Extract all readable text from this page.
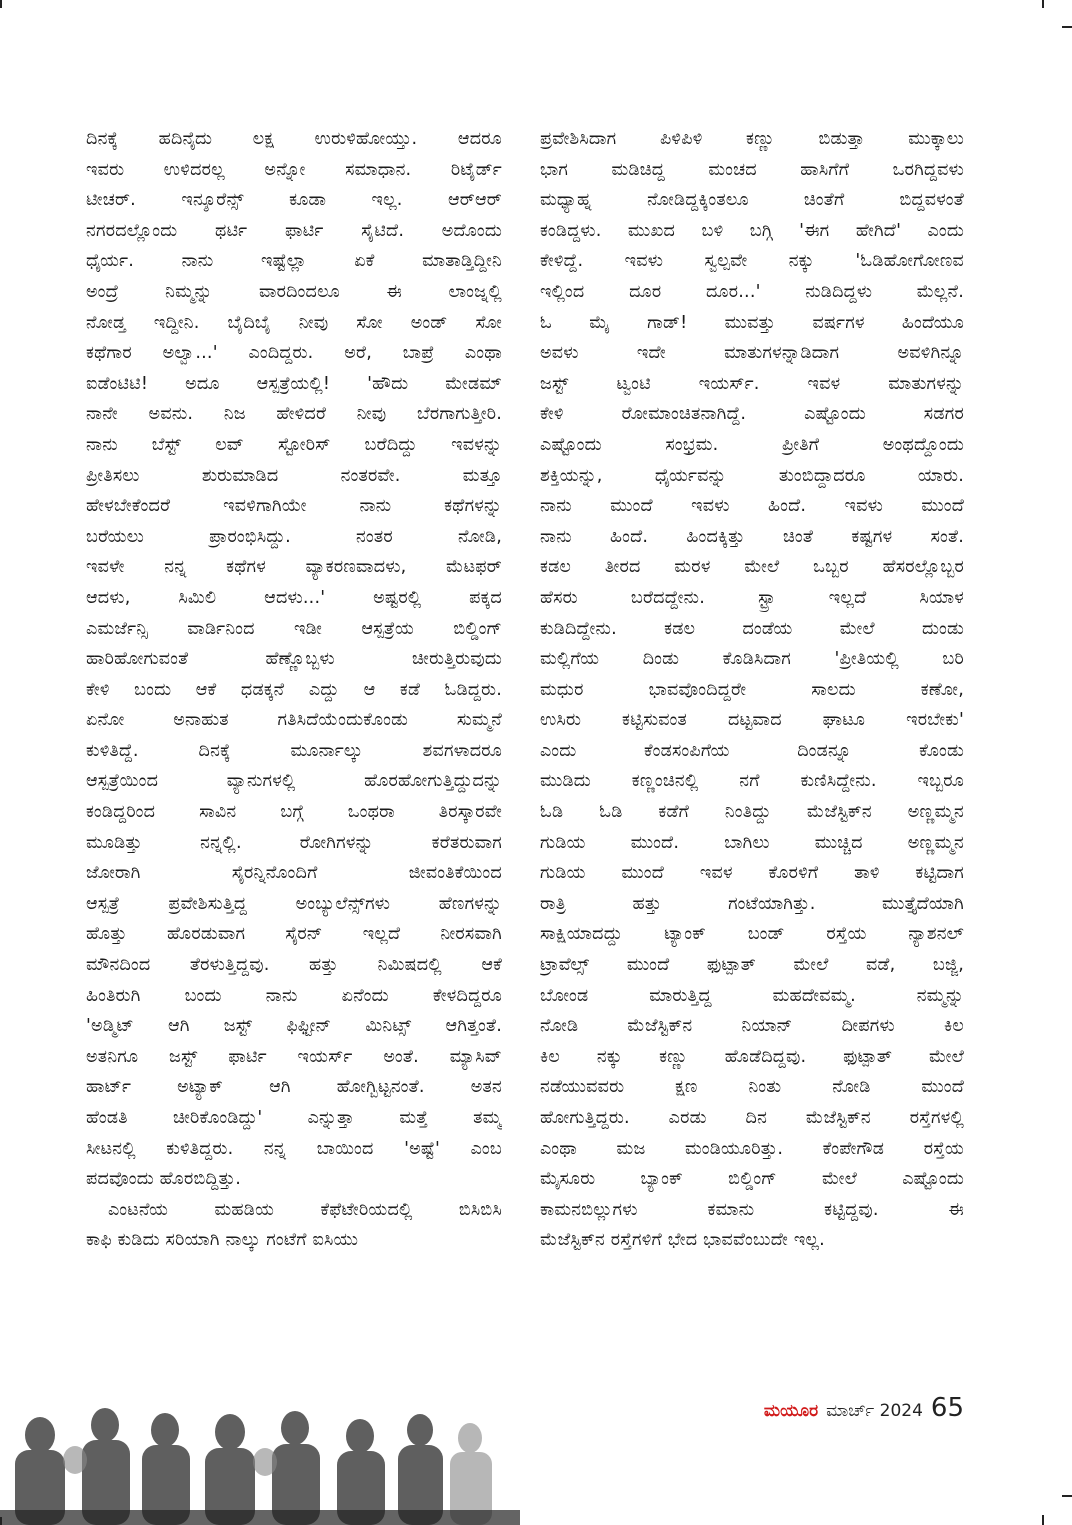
ದಿನಕ್ಕೆ ಹದಿನೈದು ಲಕ್ಷ ಉರುಳಿಹೋಯ್ತು. ಆದರೂ
ಇವರು ಉಳಿದರಲ್ಲ ಅನ್ನೋ ಸಮಾಧಾನ. ರಿಟೈರ್ಡ್
ಟೀಚರ್. ಇನ್ಶೂರೆನ್ಸ್ ಕೂಡಾ ಇಲ್ಲ. ಆರ್‌ಆರ್
ನಗರದಲ್ಲೊಂದು ಥರ್ಟಿ ಫಾರ್ಟಿ ಸೈಟಿದೆ. ಅದೊಂದು
ಧೈರ್ಯ. ನಾನು ಇಷ್ಟೆಲ್ಲಾ ಏಕೆ ಮಾತಾಡ್ತಿದ್ದೀನಿ
ಅಂದ್ರೆ ನಿಮ್ಮನ್ನು ವಾರದಿಂದಲೂ ಈ ಲಾಂಜ್ನಲ್ಲಿ
ನೋಡ್ತ ಇದ್ದೀನಿ. ಬೈದಿಬೈ ನೀವು ಸೋ ಅಂಡ್ ಸೋ
ಕಥೆಗಾರ ಅಲ್ವಾ...' ಎಂದಿದ್ದರು. ಅರೆ, ಬಾಪ್ರೆ ಎಂಥಾ
ಐಡೆಂಟಿಟಿ! ಅದೂ ಆಸ್ಪತ್ರೆಯಲ್ಲಿ! 'ಹೌದು ಮೇಡಮ್
ನಾನೇ ಅವನು. ನಿಜ ಹೇಳಿದರೆ ನೀವು ಬೆರಗಾಗುತ್ತೀರಿ.
ನಾನು ಬೆಸ್ಟ್ ಲವ್ ಸ್ಟೋರಿಸ್ ಬರೆದಿದ್ದು ಇವಳನ್ನು
ಪ್ರೀತಿಸಲು ಶುರುಮಾಡಿದ ನಂತರವೇ. ಮತ್ತೂ
ಹೇಳಬೇಕೆಂದರೆ ಇವಳಿಗಾಗಿಯೇ ನಾನು ಕಥೆಗಳನ್ನು
ಬರೆಯಲು ಪ್ರಾರಂಭಿಸಿದ್ದು. ನಂತರ ನೋಡಿ,
ಇವಳೇ ನನ್ನ ಕಥೆಗಳ ವ್ಯಾಕರಣವಾದಳು, ಮೆಟಫರ್
ಆದಳು, ಸಿಮಿಲಿ ಆದಳು...' ಅಷ್ಟರಲ್ಲಿ ಪಕ್ಕದ
ಎಮರ್ಜೆನ್ಸಿ ವಾರ್ಡಿನಿಂದ ಇಡೀ ಆಸ್ಪತ್ರೆಯ ಬಿಲ್ಡಿಂಗ್
ಹಾರಿಹೋಗುವಂತೆ ಹೆಣ್ಣೊಬ್ಬಳು ಚೀರುತ್ತಿರುವುದು
ಕೇಳಿ ಬಂದು ಆಕೆ ಧಡಕ್ಕನೆ ಎದ್ದು ಆ ಕಡೆ ಓಡಿದ್ದರು.
ಏನೋ ಅನಾಹುತ ಗತಿಸಿದೆಯೆಂದುಕೊಂಡು ಸುಮ್ಮನೆ
ಕುಳಿತಿದ್ದೆ. ದಿನಕ್ಕೆ ಮೂರ್ನಾಲ್ಕು ಶವಗಳಾದರೂ
ಆಸ್ಪತ್ರೆಯಿಂದ ವ್ಯಾನುಗಳಲ್ಲಿ ಹೊರಹೋಗುತ್ತಿದ್ದುದನ್ನು
ಕಂಡಿದ್ದರಿಂದ ಸಾವಿನ ಬಗ್ಗೆ ಒಂಥರಾ ತಿರಸ್ಕಾರವೇ
ಮೂಡಿತ್ತು ನನ್ನಲ್ಲಿ. ರೋಗಿಗಳನ್ನು ಕರೆತರುವಾಗ
ಜೋರಾಗಿ ಸೈರನ್ನಿನೊಂದಿಗೆ ಜೀವಂತಿಕೆಯಿಂದ
ಆಸ್ಪತ್ರೆ ಪ್ರವೇಶಿಸುತ್ತಿದ್ದ ಅಂಬ್ಯುಲೆನ್ಸ್‌ಗಳು ಹೆಣಗಳನ್ನು
ಹೊತ್ತು ಹೊರಡುವಾಗ ಸೈರನ್ ಇಲ್ಲದೆ ನೀರಸವಾಗಿ
ಮೌನದಿಂದ ತೆರಳುತ್ತಿದ್ದವು. ಹತ್ತು ನಿಮಿಷದಲ್ಲಿ ಆಕೆ
ಹಿಂತಿರುಗಿ ಬಂದು ನಾನು ಏನೆಂದು ಕೇಳದಿದ್ದರೂ
'ಅಡ್ಮಿಟ್ ಆಗಿ ಜಸ್ಟ್ ಫಿಫ್ಟೀನ್ ಮಿನಿಟ್ಸ್ ಆಗಿತ್ತಂತೆ.
ಅತನಿಗೂ ಜಸ್ಟ್ ಫಾರ್ಟಿ ಇಯರ್ಸ್ ಅಂತೆ. ಮ್ಯಾಸಿವ್
ಹಾರ್ಟ್ ಅಟ್ಯಾಕ್ ಆಗಿ ಹೋಗ್ಬಿಟ್ಟನಂತೆ. ಅತನ
ಹೆಂಡತಿ ಚೀರಿಕೊಂಡಿದ್ದು' ಎನ್ನುತ್ತಾ ಮತ್ತೆ ತಮ್ಮ
ಸೀಟನಲ್ಲಿ ಕುಳಿತಿದ್ದರು. ನನ್ನ ಬಾಯಿಂದ 'ಅಷ್ಟೆ' ಎಂಬ
ಪದವೊಂದು ಹೊರಬಿದ್ದಿತ್ತು.
ಎಂಟನೆಯ ಮಹಡಿಯ ಕೆಫೆಟೇರಿಯದಲ್ಲಿ ಬಿಸಿಬಿಸಿ
ಕಾಫಿ ಕುಡಿದು ಸರಿಯಾಗಿ ನಾಲ್ಕು ಗಂಟೆಗೆ ಐಸಿಯು
ಪ್ರವೇಶಿಸಿದಾಗ ಪಿಳಿಪಿಳಿ ಕಣ್ಣು ಬಿಡುತ್ತಾ ಮುಕ್ಕಾಲು
ಭಾಗ ಮಡಿಚಿದ್ದ ಮಂಚದ ಹಾಸಿಗೆಗೆ ಒರಗಿದ್ದವಳು
ಮಧ್ಯಾಹ್ನ ನೋಡಿದ್ದಕ್ಕಿಂತಲೂ ಚಿಂತೆಗೆ ಬಿದ್ದವಳಂತೆ
ಕಂಡಿದ್ದಳು. ಮುಖದ ಬಳಿ ಬಗ್ಗಿ 'ಈಗ ಹೇಗಿದೆ' ಎಂದು
ಕೇಳಿದ್ದೆ. ಇವಳು ಸ್ವಲ್ಪವೇ ನಕ್ಕು 'ಓಡಿಹೋಗೋಣವ
ಇಲ್ಲಿಂದ ದೂರ ದೂರ...' ನುಡಿದಿದ್ದಳು ಮೆಲ್ಲನೆ.
ಓ ಮೈ ಗಾಡ್! ಮುವತ್ತು ವರ್ಷಗಳ ಹಿಂದೆಯೂ
ಅವಳು ಇದೇ ಮಾತುಗಳನ್ನಾಡಿದಾಗ ಅವಳಿಗಿನ್ನೂ
ಜಸ್ಟ್ ಟ್ವಂಟಿ ಇಯರ್ಸ್. ಇವಳ ಮಾತುಗಳನ್ನು
ಕೇಳಿ ರೋಮಾಂಚಿತನಾಗಿದ್ದೆ. ಎಷ್ಟೊಂದು ಸಡಗರ
ಎಷ್ಟೊಂದು ಸಂಭ್ರಮ. ಪ್ರೀತಿಗೆ ಅಂಥದ್ದೊಂದು
ಶಕ್ತಿಯನ್ನು, ಧೈರ್ಯವನ್ನು ತುಂಬಿದ್ದಾದರೂ ಯಾರು.
ನಾನು ಮುಂದೆ ಇವಳು ಹಿಂದೆ. ಇವಳು ಮುಂದೆ
ನಾನು ಹಿಂದೆ. ಹಿಂದಕ್ಕಿತ್ತು ಚಿಂತೆ ಕಷ್ಟಗಳ ಸಂತೆ.
ಕಡಲ ತೀರದ ಮರಳ ಮೇಲೆ ಒಬ್ಬರ ಹೆಸರಲ್ಲೊಬ್ಬರ
ಹೆಸರು ಬರೆದದ್ದೇನು. ಸ್ಟ್ರಾ ಇಲ್ಲದೆ ಸಿಯಾಳ
ಕುಡಿದಿದ್ದೇನು. ಕಡಲ ದಂಡೆಯ ಮೇಲೆ ದುಂಡು
ಮಲ್ಲಿಗೆಯ ದಿಂಡು ಕೊಡಿಸಿದಾಗ 'ಪ್ರೀತಿಯಲ್ಲಿ ಬರಿ
ಮಧುರ ಭಾವವೊಂದಿದ್ದರೇ ಸಾಲದು ಕಣೋ,
ಉಸಿರು ಕಟ್ಟಿಸುವಂತ ದಟ್ಟವಾದ ಘಾಟೂ ಇರಬೇಕು'
ಎಂದು ಕೆಂಡಸಂಪಿಗೆಯ ದಿಂಡನ್ನೂ ಕೊಂಡು
ಮುಡಿದು ಕಣ್ಣಂಚಿನಲ್ಲಿ ನಗೆ ಕುಣಿಸಿದ್ದೇನು. ಇಬ್ಬರೂ
ಓಡಿ ಓಡಿ ಕಡೆಗೆ ನಿಂತಿದ್ದು ಮೆಜೆಸ್ಟಿಕ್‌ನ ಅಣ್ಣಮ್ಮನ
ಗುಡಿಯ ಮುಂದೆ. ಬಾಗಿಲು ಮುಚ್ಚಿದ ಅಣ್ಣಮ್ಮನ
ಗುಡಿಯ ಮುಂದೆ ಇವಳ ಕೊರಳಿಗೆ ತಾಳಿ ಕಟ್ಟಿದಾಗ
ರಾತ್ರಿ ಹತ್ತು ಗಂಟೆಯಾಗಿತ್ತು. ಮುತ್ತೈದೆಯಾಗಿ
ಸಾಕ್ಷಿಯಾದದ್ದು ಟ್ಯಾಂಕ್ ಬಂಡ್ ರಸ್ತೆಯ ನ್ಯಾಶನಲ್
ಟ್ರಾವೆಲ್ಸ್ ಮುಂದೆ ಫುಟ್ಪಾತ್ ಮೇಲೆ ವಡೆ, ಬಜ್ಜಿ,
ಬೋಂಡ ಮಾರುತ್ತಿದ್ದ ಮಹದೇವಮ್ಮ. ನಮ್ಮನ್ನು
ನೋಡಿ ಮೆಜೆಸ್ಟಿಕ್‌ನ ನಿಯಾನ್ ದೀಪಗಳು ಕಿಲ
ಕಿಲ ನಕ್ಕು ಕಣ್ಣು ಹೊಡೆದಿದ್ದವು. ಫುಟ್ಪಾತ್ ಮೇಲೆ
ನಡೆಯುವವರು ಕ್ಷಣ ನಿಂತು ನೋಡಿ ಮುಂದೆ
ಹೋಗುತ್ತಿದ್ದರು. ಎರಡು ದಿನ ಮೆಜೆಸ್ಟಿಕ್‌ನ ರಸ್ತೆಗಳಲ್ಲಿ
ಎಂಥಾ ಮಜ ಮಂಡಿಯೂರಿತ್ತು. ಕೆಂಪೇಗೌಡ ರಸ್ತೆಯ
ಮೈಸೂರು ಬ್ಯಾಂಕ್ ಬಿಲ್ಡಿಂಗ್ ಮೇಲೆ ಎಷ್ಟೊಂದು
ಕಾಮನಬಿಲ್ಲುಗಳು ಕಮಾನು ಕಟ್ಟಿದ್ದವು. ಈ
ಮೆಜೆಸ್ಟಿಕ್‌ನ ರಸ್ತೆಗಳಿಗೆ ಭೇದ ಭಾವವೆಂಬುದೇ ಇಲ್ಲ.
ಮಯೂರ ಮಾರ್ಚ್ 2024 65
